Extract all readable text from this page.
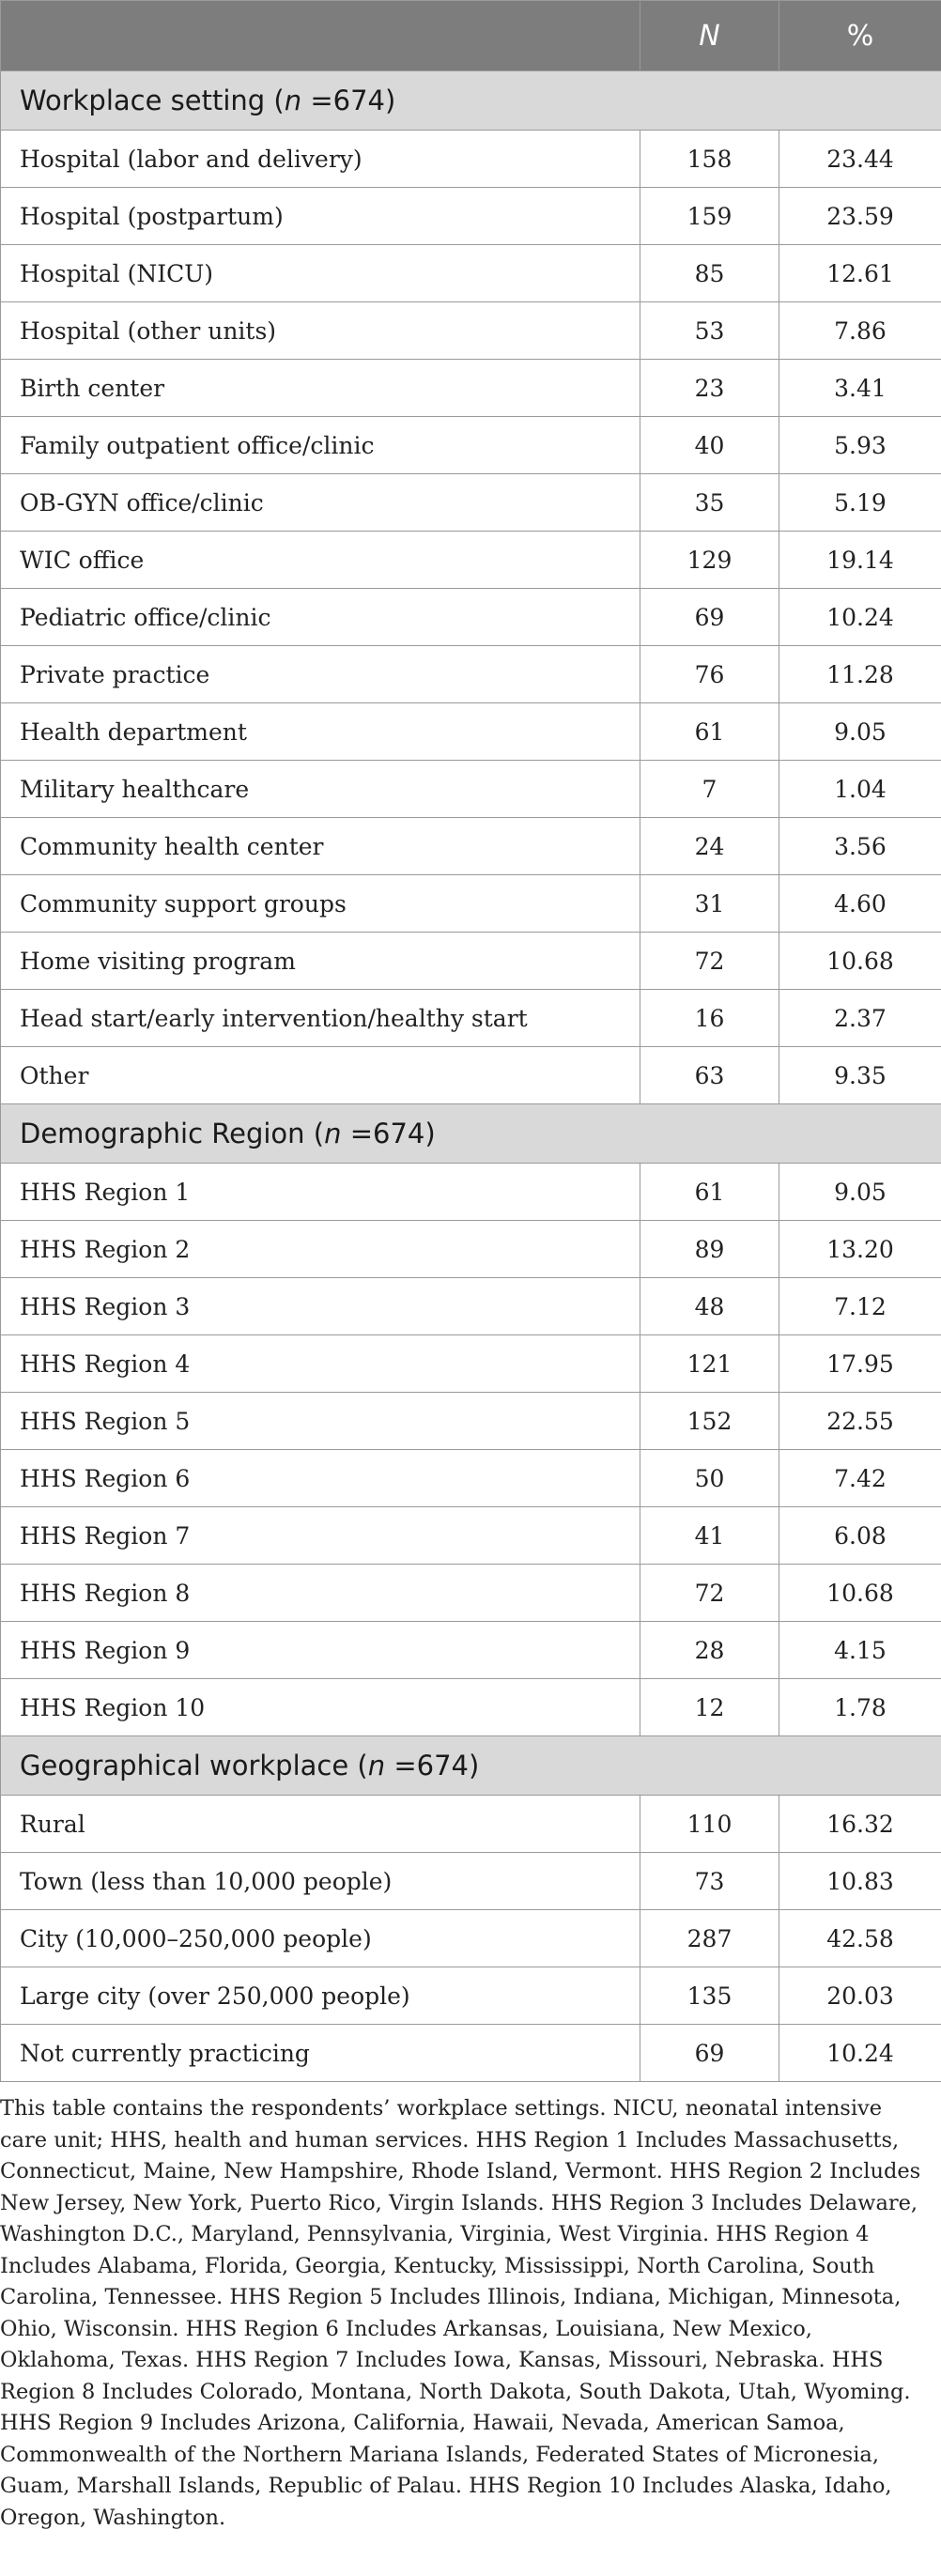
	N	%
Workplace setting (n =674)		
Hospital (labor and delivery)	158	23.44
Hospital (postpartum)	159	23.59
Hospital (NICU)	85	12.61
Hospital (other units)	53	7.86
Birth center	23	3.41
Family outpatient office/clinic	40	5.93
OB-GYN office/clinic	35	5.19
WIC office	129	19.14
Pediatric office/clinic	69	10.24
Private practice	76	11.28
Health department	61	9.05
Military healthcare	7	1.04
Community health center	24	3.56
Community support groups	31	4.60
Home visiting program	72	10.68
Head start/early intervention/healthy start	16	2.37
Other	63	9.35
Demographic Region (n =674)		
HHS Region 1	61	9.05
HHS Region 2	89	13.20
HHS Region 3	48	7.12
HHS Region 4	121	17.95
HHS Region 5	152	22.55
HHS Region 6	50	7.42
HHS Region 7	41	6.08
HHS Region 8	72	10.68
HHS Region 9	28	4.15
HHS Region 10	12	1.78
Geographical workplace (n =674)		
Rural	110	16.32
Town (less than 10,000 people)	73	10.83
City (10,000–250,000 people)	287	42.58
Large city (over 250,000 people)	135	20.03
Not currently practicing	69	10.24

This table contains the respondents’ workplace settings. NICU, neonatal intensive care unit; HHS, health and human services. HHS Region 1 Includes Massachusetts, Connecticut, Maine, New Hampshire, Rhode Island, Vermont. HHS Region 2 Includes New Jersey, New York, Puerto Rico, Virgin Islands. HHS Region 3 Includes Delaware, Washington D.C., Maryland, Pennsylvania, Virginia, West Virginia. HHS Region 4 Includes Alabama, Florida, Georgia, Kentucky, Mississippi, North Carolina, South Carolina, Tennessee. HHS Region 5 Includes Illinois, Indiana, Michigan, Minnesota, Ohio, Wisconsin. HHS Region 6 Includes Arkansas, Louisiana, New Mexico, Oklahoma, Texas. HHS Region 7 Includes Iowa, Kansas, Missouri, Nebraska. HHS Region 8 Includes Colorado, Montana, North Dakota, South Dakota, Utah, Wyoming. HHS Region 9 Includes Arizona, California, Hawaii, Nevada, American Samoa, Commonwealth of the Northern Mariana Islands, Federated States of Micronesia, Guam, Marshall Islands, Republic of Palau. HHS Region 10 Includes Alaska, Idaho, Oregon, Washington.
